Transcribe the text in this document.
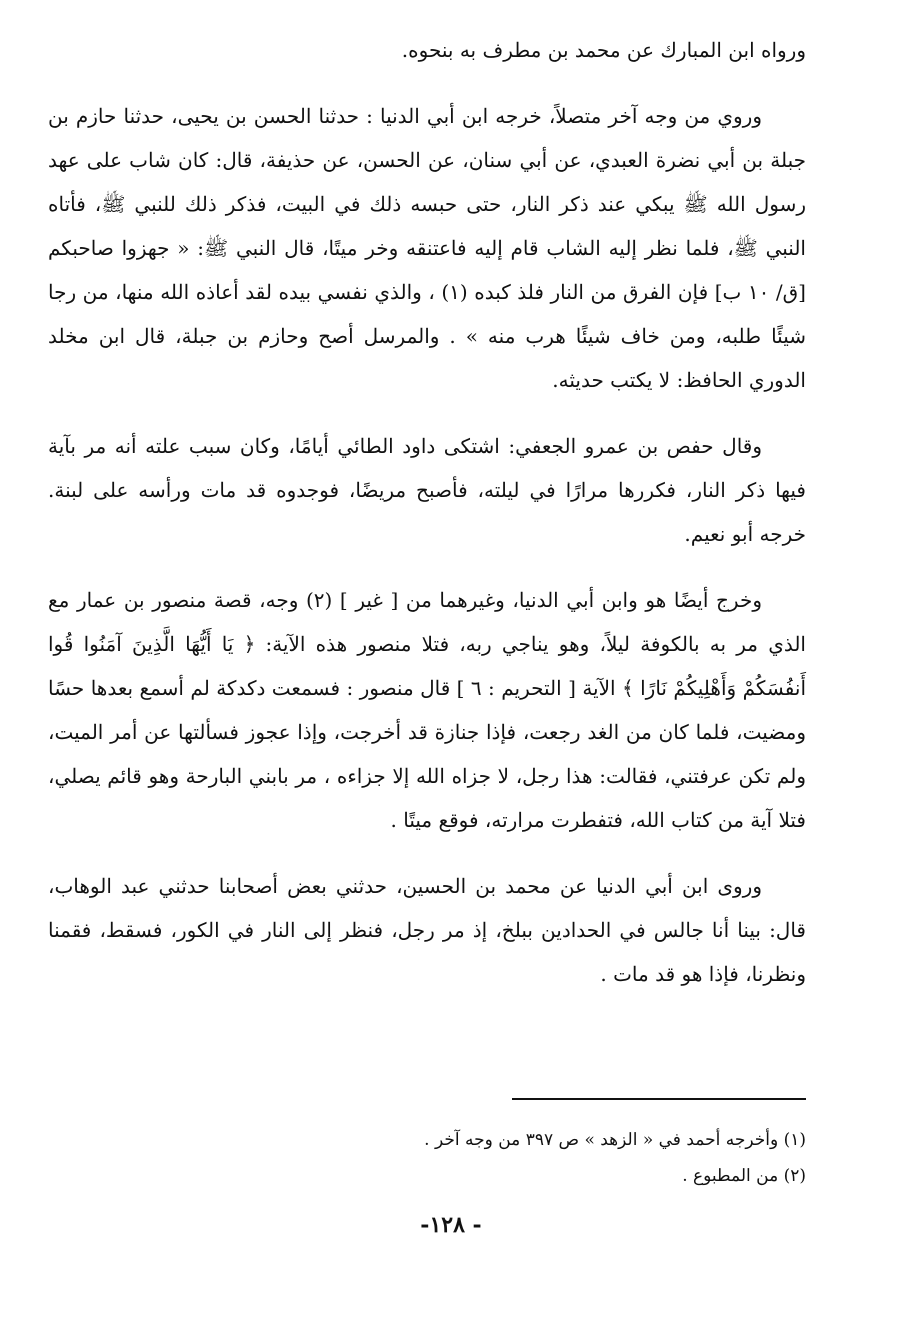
ورواه ابن المبارك عن محمد بن مطرف به بنحوه.

وروي من وجه آخر متصلاً، خرجه ابن أبي الدنيا : حدثنا الحسن بن يحيى، حدثنا حازم بن جبلة بن أبي نضرة العبدي، عن أبي سنان، عن الحسن، عن حذيفة، قال: كان شاب على عهد رسول الله ﷺ يبكي عند ذكر النار، حتى حبسه ذلك في البيت، فذكر ذلك للنبي ﷺ، فأتاه النبي ﷺ، فلما نظر إليه الشاب قام إليه فاعتنقه وخر ميتًا، قال النبي ﷺ: « جهزوا صاحبكم [ق/ ١٠ ب] فإن الفرق من النار فلذ كبده (١) ، والذي نفسي بيده لقد أعاذه الله منها، من رجا شيئًا طلبه، ومن خاف شيئًا هرب منه » . والمرسل أصح وحازم بن جبلة، قال ابن مخلد الدوري الحافظ: لا يكتب حديثه.

وقال حفص بن عمرو الجعفي: اشتكى داود الطائي أيامًا، وكان سبب علته أنه مر بآية فيها ذكر النار، فكررها مرارًا في ليلته، فأصبح مريضًا، فوجدوه قد مات ورأسه على لبنة. خرجه أبو نعيم.

وخرج أيضًا هو وابن أبي الدنيا، وغيرهما من [ غير ] (٢) وجه، قصة منصور بن عمار مع الذي مر به بالكوفة ليلاً، وهو يناجي ربه، فتلا منصور هذه الآية: ﴿ يَا أَيُّهَا الَّذِينَ آمَنُوا قُوا أَنفُسَكُمْ وَأَهْلِيكُمْ نَارًا ﴾ الآية [ التحريم : ٦ ] قال منصور : فسمعت دكدكة لم أسمع بعدها حسًا ومضيت، فلما كان من الغد رجعت، فإذا جنازة قد أخرجت، وإذا عجوز فسألتها عن أمر الميت، ولم تكن عرفتني، فقالت: هذا رجل، لا جزاه الله إلا جزاءه ، مر بابني البارحة وهو قائم يصلي، فتلا آية من كتاب الله، فتفطرت مرارته، فوقع ميتًا .

وروى ابن أبي الدنيا عن محمد بن الحسين، حدثني بعض أصحابنا حدثني عبد الوهاب، قال: بينا أنا جالس في الحدادين ببلخ، إذ مر رجل، فنظر إلى النار في الكور، فسقط، فقمنا ونظرنا، فإذا هو قد مات .

(١) وأخرجه أحمد في « الزهد » ص ٣٩٧ من وجه آخر .

(٢) من المطبوع .

- ١٢٨-
